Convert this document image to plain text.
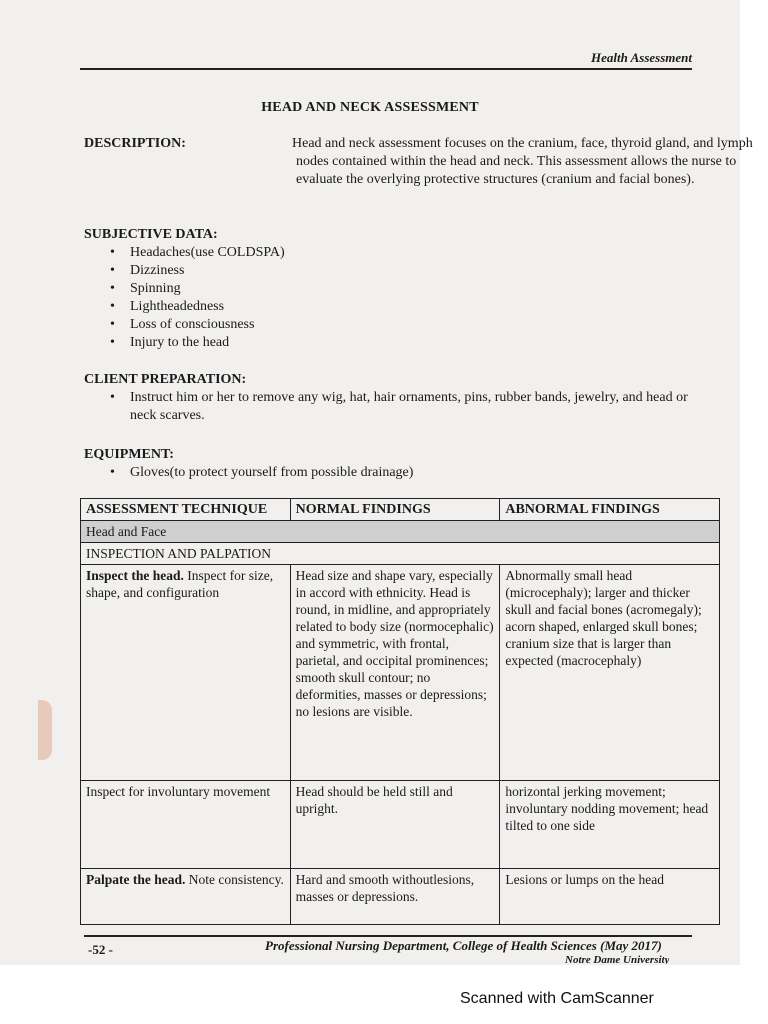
Health Assessment
HEAD AND NECK ASSESSMENT
DESCRIPTION:	Head and neck assessment focuses on the cranium, face, thyroid gland, and lymph nodes contained within the head and neck. This assessment allows the nurse to evaluate the overlying protective structures (cranium and facial bones).
SUBJECTIVE DATA:
• Headaches(use COLDSPA)
• Dizziness
• Spinning
• Lightheadedness
• Loss of consciousness
• Injury to the head
CLIENT PREPARATION:
• Instruct him or her to remove any wig, hat, hair ornaments, pins, rubber bands, jewelry, and head or neck scarves.
EQUIPMENT:
• Gloves(to protect yourself from possible drainage)
ASSESSMENT TECHNIQUE	NORMAL FINDINGS	ABNORMAL FINDINGS
Head and Face		
INSPECTION AND PALPATION		
Inspect the head. Inspect for size, shape, and configuration	Head size and shape vary, especially in accord with ethnicity. Head is round, in midline, and appropriately related to body size (normocephalic) and symmetric, with frontal, parietal, and occipital prominences; smooth skull contour; no deformities, masses or depressions; no lesions are visible.	Abnormally small head (microcephaly); larger and thicker skull and facial bones (acromegaly); acorn shaped, enlarged skull bones; cranium size that is larger than expected (macrocephaly)
Inspect for involuntary movement	Head should be held still and upright.	horizontal jerking movement; involuntary nodding movement; head tilted to one side
Palpate the head. Note consistency.	Hard and smooth withoutlesions, masses or depressions.	Lesions or lumps on the head
-52 -	Professional Nursing Department, College of Health Sciences (May 2017)
Notre Dame University
Scanned with CamScanner
